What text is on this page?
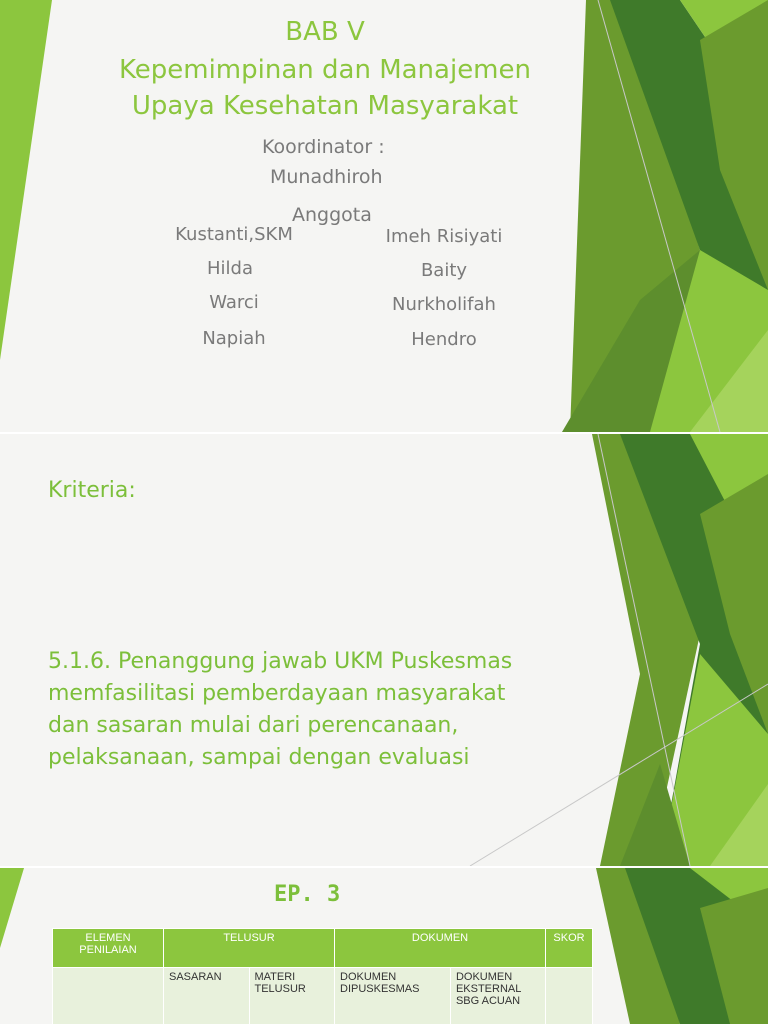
BAB V
Kepemimpinan dan Manajemen
Upaya Kesehatan Masyarakat
Koordinator :
Munadhiroh
Anggota
Kustanti,SKM
Hilda
Warci
Napiah
Imeh Risiyati
Baity
Nurkholifah
Hendro
Kriteria:
5.1.6. Penanggung jawab UKM Puskesmas
memfasilitasi pemberdayaan masyarakat
dan sasaran mulai dari perencanaan,
pelaksanaan, sampai dengan evaluasi
EP. 3
ELEMEN PENILAIAN	TELUSUR		DOKUMEN		SKOR
	SASARAN	MATERI TELUSUR	DOKUMEN DIPUSKESMAS	DOKUMEN EKSTERNAL SBG ACUAN	
